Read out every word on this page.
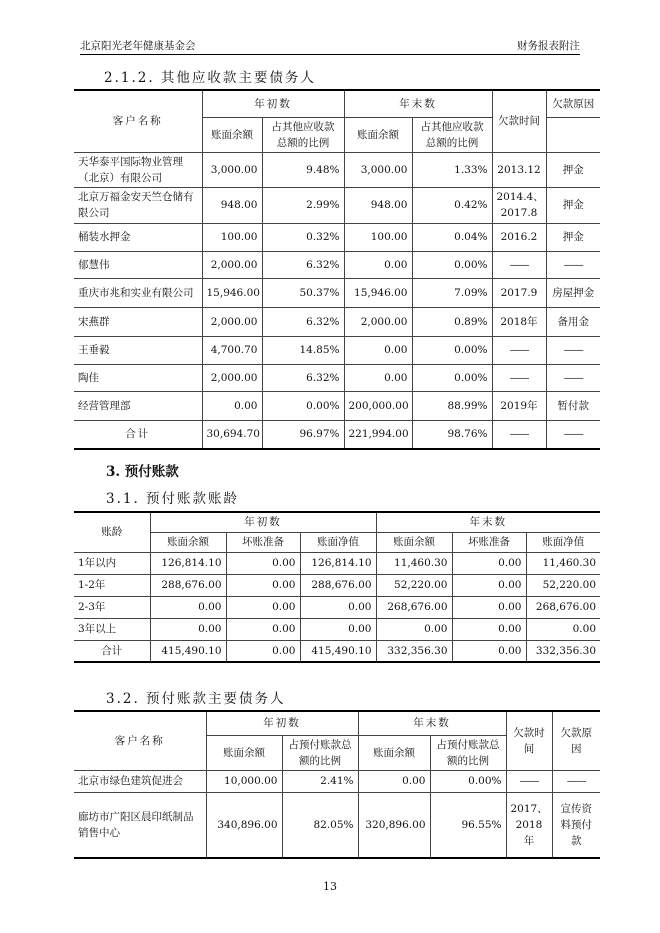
北京阳光老年健康基金会	财务报表附注
2.1.2. 其他应收款主要债务人
客户名称	年初数		年末数		欠款时间	欠款原因
	账面余额	占其他应收款总额的比例	账面余额	占其他应收款总额的比例		
天华泰平国际物业管理（北京）有限公司	3,000.00	9.48%	3,000.00	1.33%	2013.12	押金
北京万福金安天竺仓储有限公司	948.00	2.99%	948.00	0.42%	2014.4、2017.8	押金
桶装水押金	100.00	0.32%	100.00	0.04%	2016.2	押金
郁慧伟	2,000.00	6.32%	0.00	0.00%	——	——
重庆市兆和实业有限公司	15,946.00	50.37%	15,946.00	7.09%	2017.9	房屋押金
宋燕群	2,000.00	6.32%	2,000.00	0.89%	2018年	备用金
王垂毅	4,700.70	14.85%	0.00	0.00%	——	——
陶佳	2,000.00	6.32%	0.00	0.00%	——	——
经营管理部	0.00	0.00%	200,000.00	88.99%	2019年	暂付款
合计	30,694.70	96.97%	221,994.00	98.76%	——	——
3. 预付账款
3.1. 预付账款账龄
账龄	年初数			年末数		
	账面余额	坏账准备	账面净值	账面余额	坏账准备	账面净值
1年以内	126,814.10	0.00	126,814.10	11,460.30	0.00	11,460.30
1-2年	288,676.00	0.00	288,676.00	52,220.00	0.00	52,220.00
2-3年	0.00	0.00	0.00	268,676.00	0.00	268,676.00
3年以上	0.00	0.00	0.00	0.00	0.00	0.00
合计	415,490.10	0.00	415,490.10	332,356.30	0.00	332,356.30
3.2. 预付账款主要债务人
客户名称	年初数		年末数		欠款时间	欠款原因
	账面余额	占预付账款总额的比例	账面余额	占预付账款总额的比例		
北京市绿色建筑促进会	10,000.00	2.41%	0.00	0.00%	——	——
廊坊市广阳区晨印纸制品销售中心	340,896.00	82.05%	320,896.00	96.55%	2017、2018年	宣传资料预付款
13
